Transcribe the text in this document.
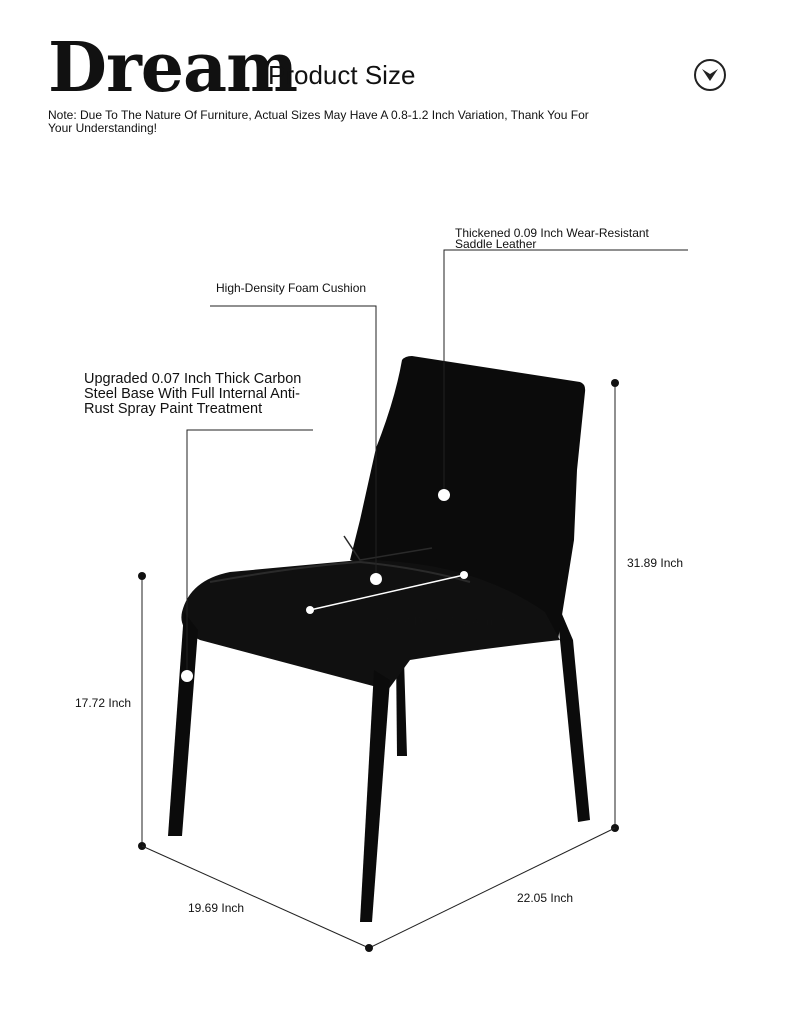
Dream
Product Size
Note: Due To The Nature Of Furniture, Actual Sizes May Have A 0.8-1.2 Inch Variation, Thank You For Your Understanding!
Thickened 0.09 Inch Wear-Resistant Saddle Leather
High-Density Foam Cushion
Upgraded 0.07 Inch Thick Carbon Steel Base With Full Internal Anti-Rust Spray Paint Treatment
31.89 Inch
17.72 Inch
19.69 Inch
22.05 Inch
Seat Depth 16.54 Inch
